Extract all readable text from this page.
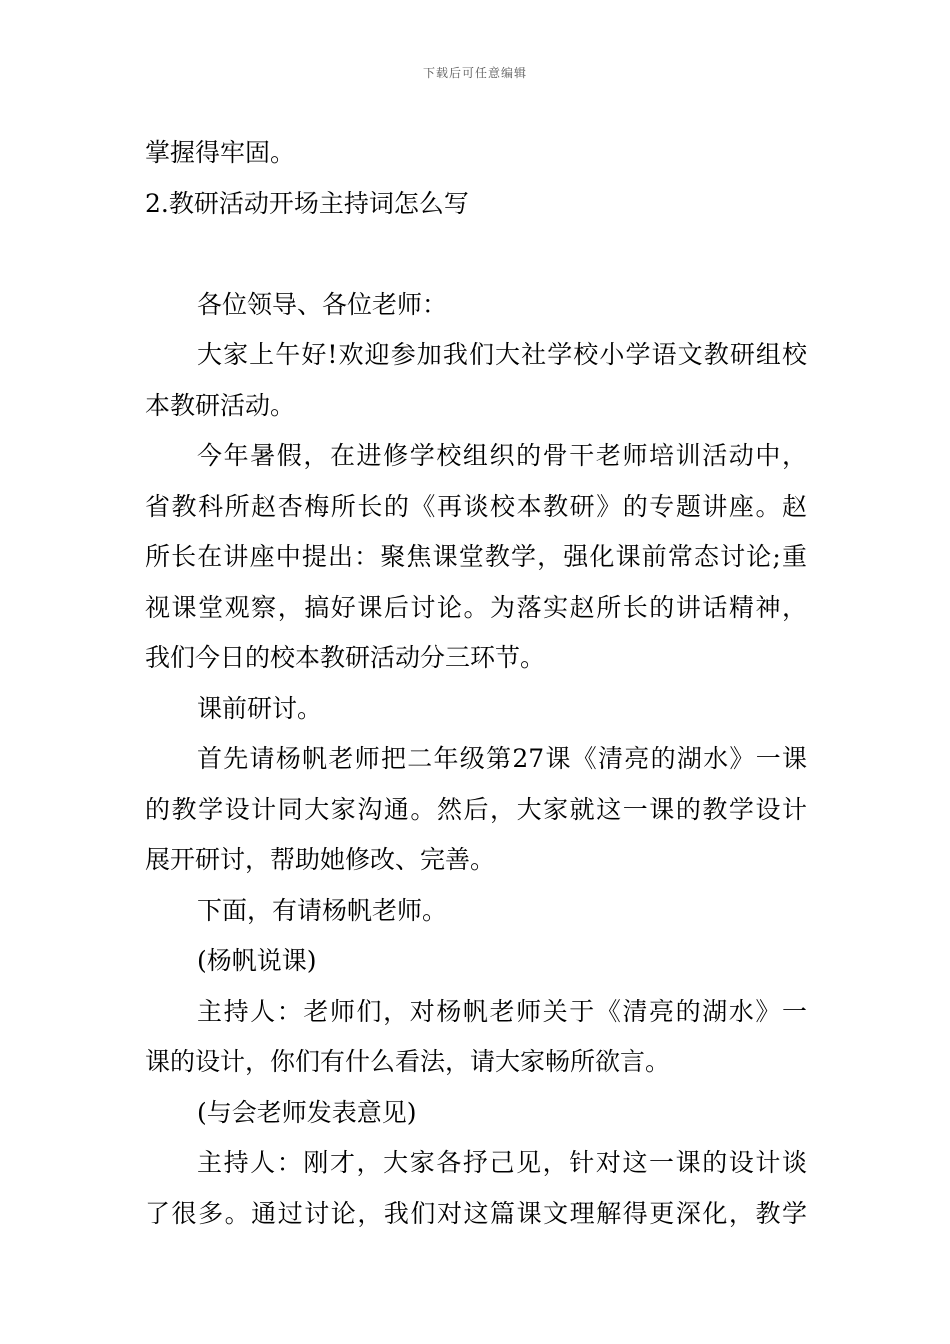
下载后可任意编辑
掌握得牢固。
2.教研活动开场主持词怎么写
各位领导、各位老师：
大家上午好!欢迎参加我们大社学校小学语文教研组校
本教研活动。
今年暑假，在进修学校组织的骨干老师培训活动中，
省教科所赵杏梅所长的《再谈校本教研》的专题讲座。赵
所长在讲座中提出：聚焦课堂教学，强化课前常态讨论;重
视课堂观察，搞好课后讨论。为落实赵所长的讲话精神，
我们今日的校本教研活动分三环节。
课前研讨。
首先请杨帆老师把二年级第27课《清亮的湖水》一课
的教学设计同大家沟通。然后，大家就这一课的教学设计
展开研讨，帮助她修改、完善。
下面，有请杨帆老师。
(杨帆说课)
主持人：老师们，对杨帆老师关于《清亮的湖水》一
课的设计，你们有什么看法，请大家畅所欲言。
(与会老师发表意见)
主持人：刚才，大家各抒己见，针对这一课的设计谈
了很多。通过讨论，我们对这篇课文理解得更深化，教学
